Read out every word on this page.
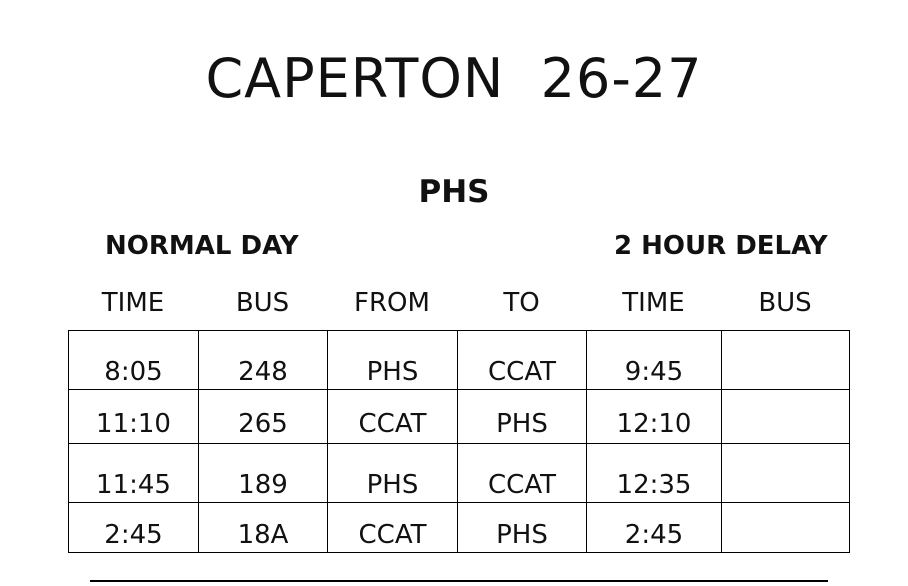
CAPERTON  26-27
PHS
NORMAL DAY	2 HOUR DELAY
TIME	BUS	FROM	TO	TIME	BUS
8:05	248	PHS	CCAT	9:45	
11:10	265	CCAT	PHS	12:10	
11:45	189	PHS	CCAT	12:35	
2:45	18A	CCAT	PHS	2:45	
